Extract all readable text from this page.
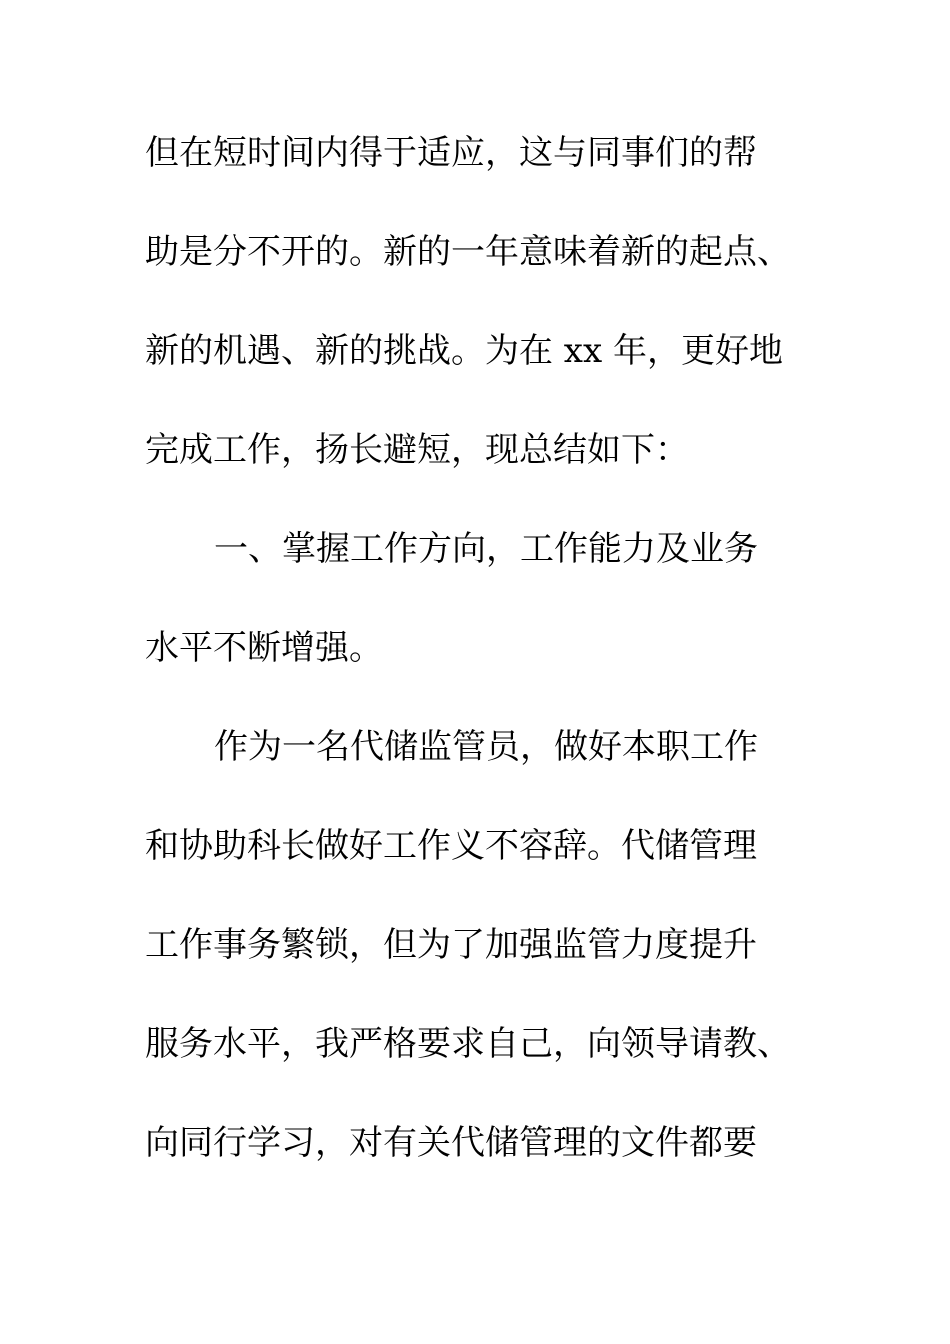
但在短时间内得于适应，这与同事们的帮

助是分不开的。新的一年意味着新的起点、

新的机遇、新的挑战。为在 xx 年，更好地

完成工作，扬长避短，现总结如下：

一、掌握工作方向，工作能力及业务

水平不断增强。

作为一名代储监管员，做好本职工作

和协助科长做好工作义不容辞。代储管理

工作事务繁锁，但为了加强监管力度提升

服务水平，我严格要求自己，向领导请教、

向同行学习，对有关代储管理的文件都要
